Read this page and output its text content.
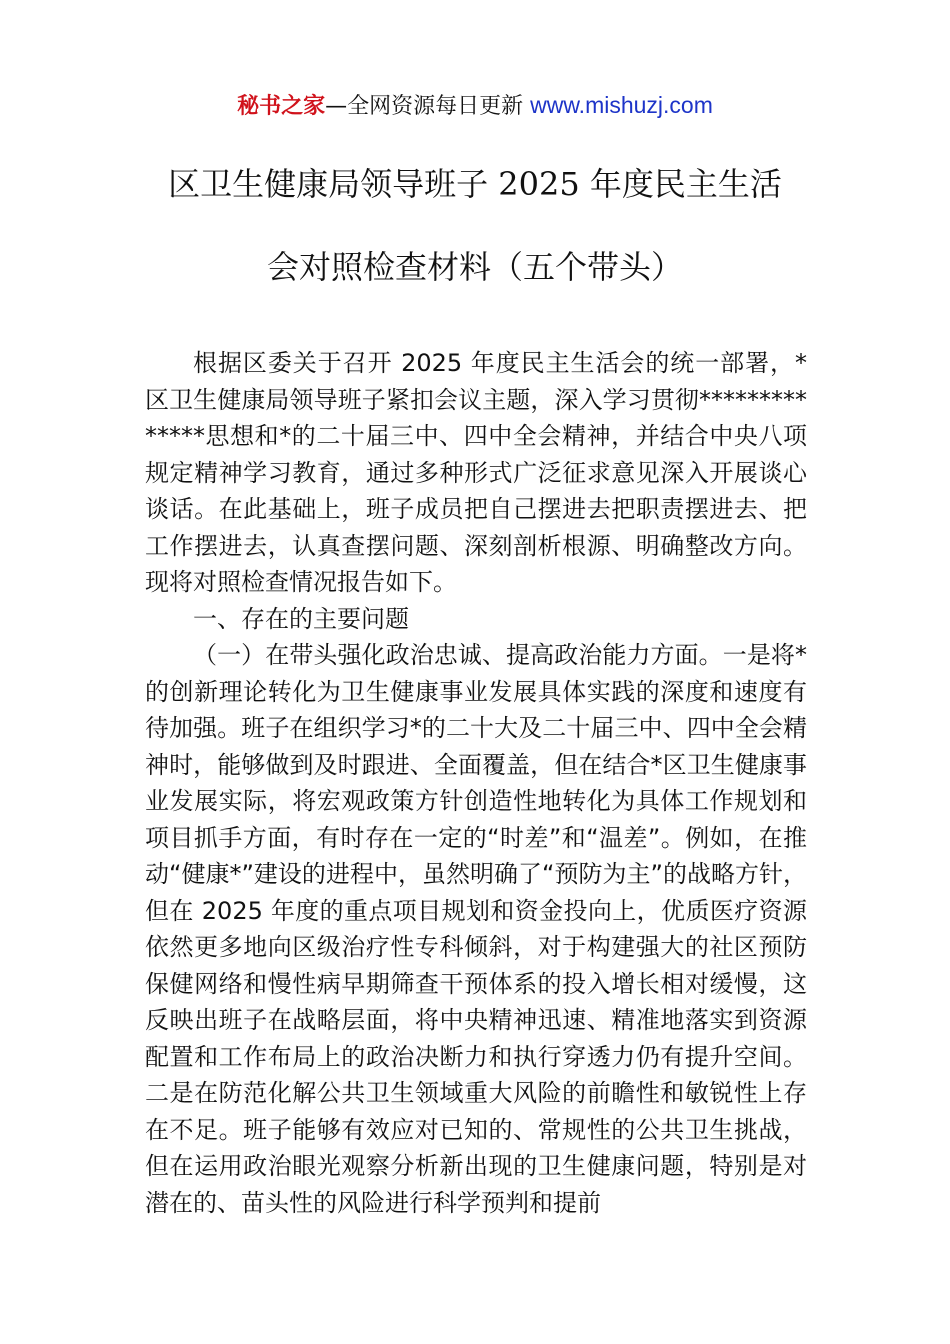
秘书之家—全网资源每日更新 www.mishuzj.com
区卫生健康局领导班子 2025 年度民主生活
会对照检查材料（五个带头）

根据区委关于召开 2025 年度民主生活会的统一部署，*区卫生健康局领导班子紧扣会议主题，深入学习贯彻**************思想和*的二十届三中、四中全会精神，并结合中央八项规定精神学习教育，通过多种形式广泛征求意见深入开展谈心谈话。在此基础上，班子成员把自己摆进去把职责摆进去、把工作摆进去，认真查摆问题、深刻剖析根源、明确整改方向。现将对照检查情况报告如下。

一、存在的主要问题

（一）在带头强化政治忠诚、提高政治能力方面。一是将*的创新理论转化为卫生健康事业发展具体实践的深度和速度有待加强。班子在组织学习*的二十大及二十届三中、四中全会精神时，能够做到及时跟进、全面覆盖，但在结合*区卫生健康事业发展实际，将宏观政策方针创造性地转化为具体工作规划和项目抓手方面，有时存在一定的“时差”和“温差”。例如，在推动“健康*”建设的进程中，虽然明确了“预防为主”的战略方针，但在 2025 年度的重点项目规划和资金投向上，优质医疗资源依然更多地向区级治疗性专科倾斜，对于构建强大的社区预防保健网络和慢性病早期筛查干预体系的投入增长相对缓慢，这反映出班子在战略层面，将中央精神迅速、精准地落实到资源配置和工作布局上的政治决断力和执行穿透力仍有提升空间。二是在防范化解公共卫生领域重大风险的前瞻性和敏锐性上存在不足。班子能够有效应对已知的、常规性的公共卫生挑战，但在运用政治眼光观察分析新出现的卫生健康问题，特别是对潜在的、苗头性的风险进行科学预判和提前
